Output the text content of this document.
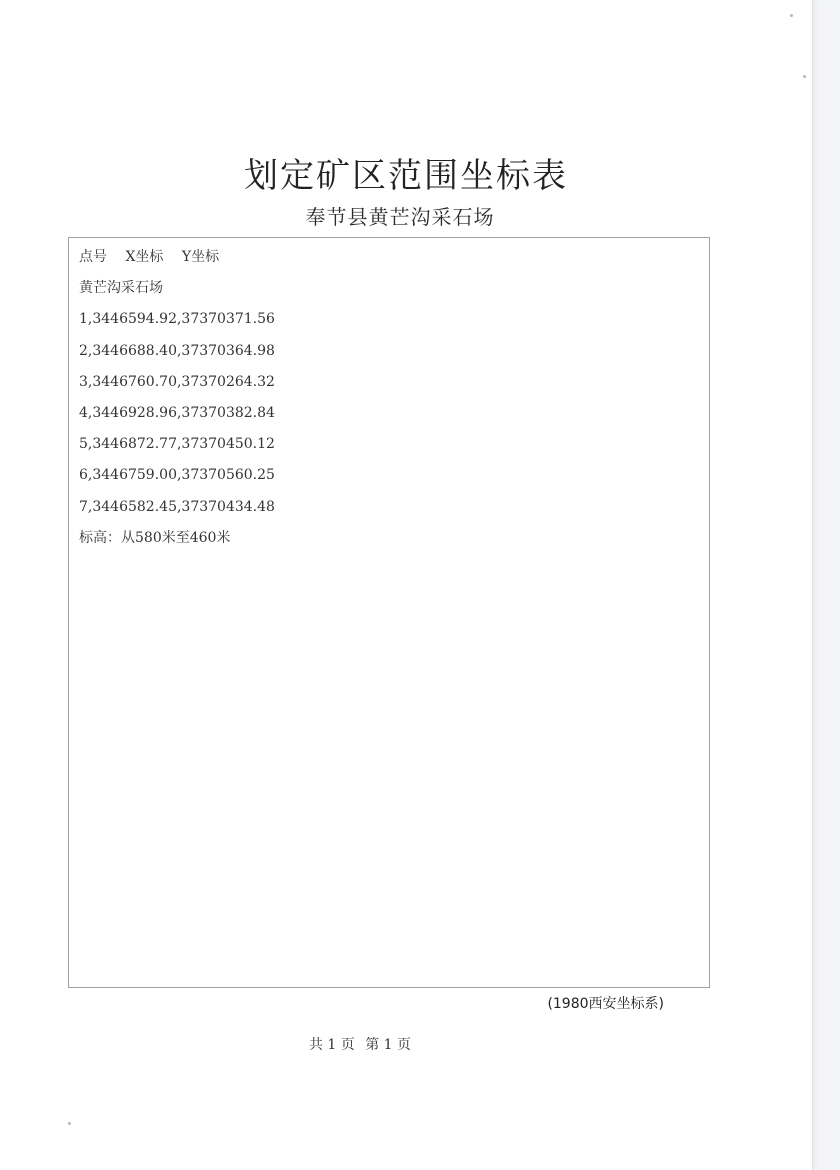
划定矿区范围坐标表
奉节县黄芒沟采石场
点号 X坐标 Y坐标
黄芒沟采石场
1,3446594.92,37370371.56
2,3446688.40,37370364.98
3,3446760.70,37370264.32
4,3446928.96,37370382.84
5,3446872.77,37370450.12
6,3446759.00,37370560.25
7,3446582.45,37370434.48
标高：从580米至460米
(1980西安坐标系)
共 1 页 第 1 页
